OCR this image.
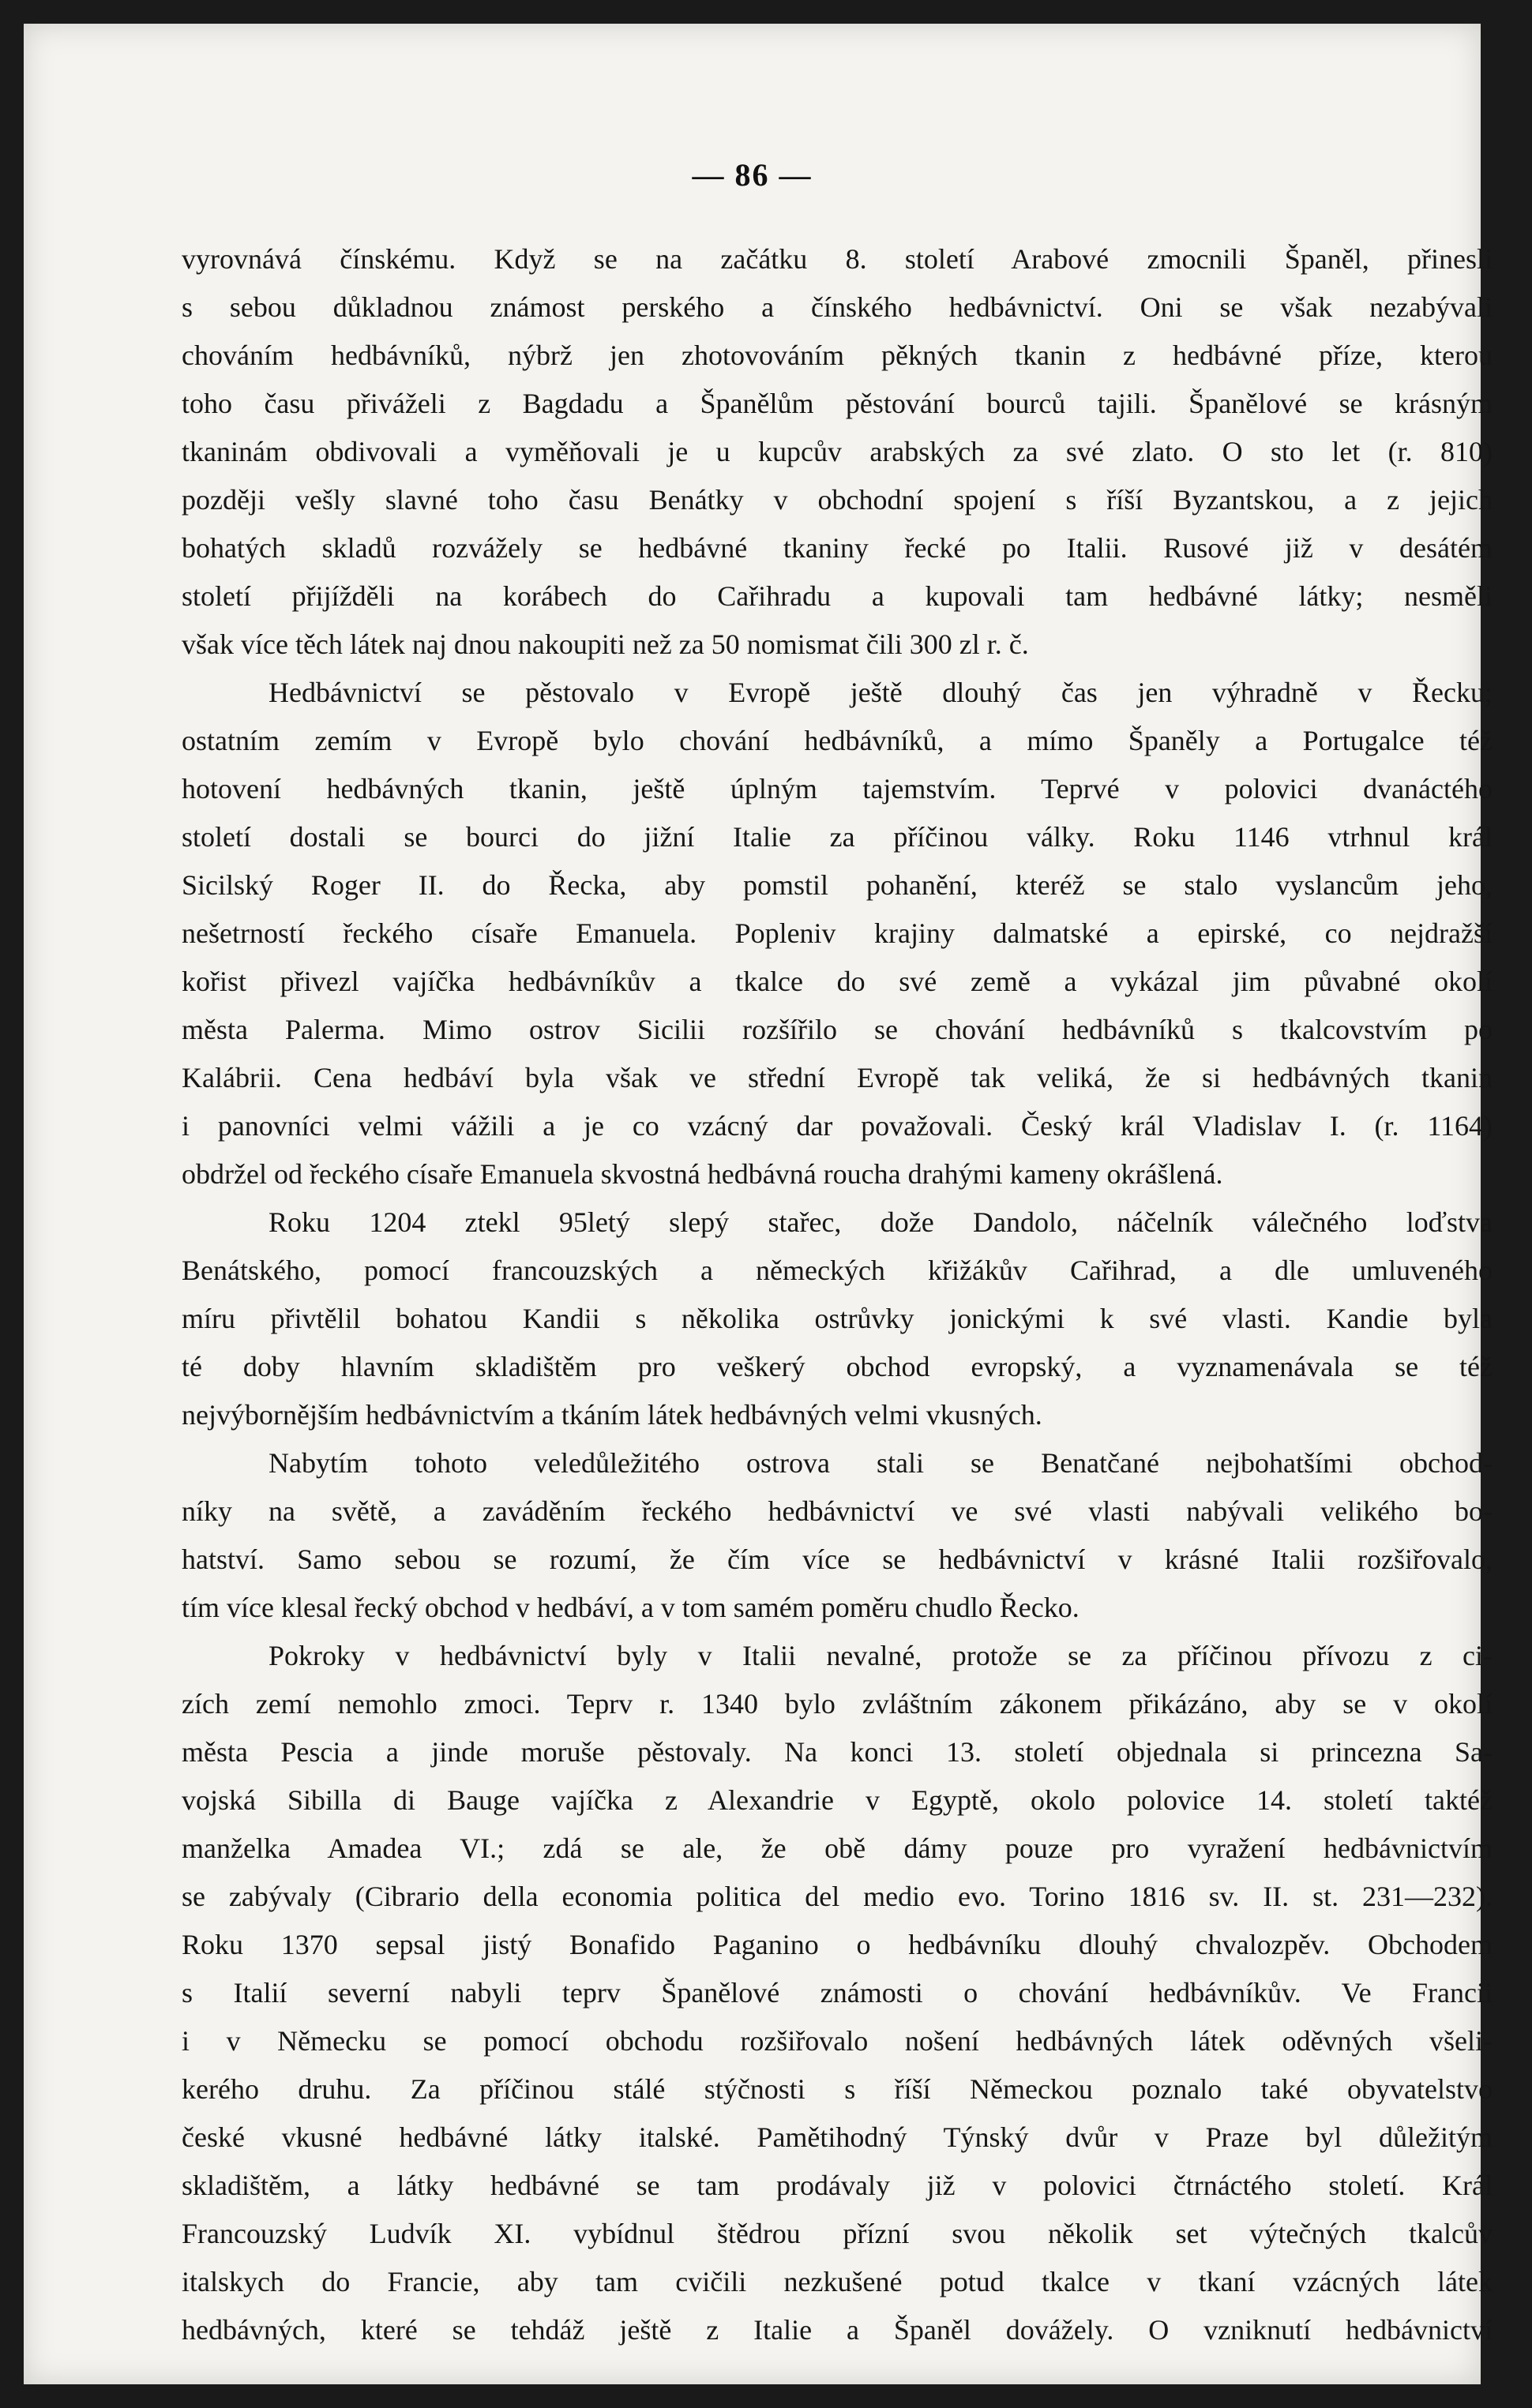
— 86 —
vyrovnává čínskému. Když se na začátku 8. století Arabové zmocnili Španěl, přinesli
s sebou důkladnou známost perského a čínského hedbávnictví. Oni se však nezabývali
chováním hedbávníků, nýbrž jen zhotovováním pěkných tkanin z hedbávné příze, kterou
toho času přiváželi z Bagdadu a Španělům pěstování bourců tajili. Španělové se krásným
tkaninám obdivovali a vyměňovali je u kupcův arabských za své zlato. O sto let (r. 810)
později vešly slavné toho času Benátky v obchodní spojení s říší Byzantskou, a z jejich
bohatých skladů rozvážely se hedbávné tkaniny řecké po Italii. Rusové již v desátém
století přijížděli na korábech do Cařihradu a kupovali tam hedbávné látky; nesměli
však více těch látek naj dnou nakoupiti než za 50 nomismat čili 300 zl r. č.
Hedbávnictví se pěstovalo v Evropě ještě dlouhý čas jen výhradně v Řecku;
ostatním zemím v Evropě bylo chování hedbávníků, a mímo Španěly a Portugalce též
hotovení hedbávných tkanin, ještě úplným tajemstvím. Teprvé v polovici dvanáctého
století dostali se bourci do jižní Italie za příčinou války. Roku 1146 vtrhnul král
Sicilský Roger II. do Řecka, aby pomstil pohanění, kteréž se stalo vyslancům jeho,
nešetrností řeckého císaře Emanuela. Popleniv krajiny dalmatské a epirské, co nejdražší
kořist přivezl vajíčka hedbávníkův a tkalce do své země a vykázal jim půvabné okolí
města Palerma. Mimo ostrov Sicilii rozšířilo se chování hedbávníků s tkalcovstvím po
Kalábrii. Cena hedbáví byla však ve střední Evropě tak veliká, že si hedbávných tkanin
i panovníci velmi vážili a je co vzácný dar považovali. Český král Vladislav I. (r. 1164)
obdržel od řeckého císaře Emanuela skvostná hedbávná roucha drahými kameny okrášlená.
Roku 1204 ztekl 95letý slepý stařec, dože Dandolo, náčelník válečného loďstva
Benátského, pomocí francouzských a německých křižákův Cařihrad, a dle umluveného
míru přivtělil bohatou Kandii s několika ostrůvky jonickými k své vlasti. Kandie byla
té doby hlavním skladištěm pro veškerý obchod evropský, a vyznamenávala se též
nejvýbornějším hedbávnictvím a tkáním látek hedbávných velmi vkusných.
Nabytím tohoto veledůležitého ostrova stali se Benatčané nejbohatšími obchod-
níky na světě, a zaváděním řeckého hedbávnictví ve své vlasti nabývali velikého bo-
hatství. Samo sebou se rozumí, že čím více se hedbávnictví v krásné Italii rozšiřovalo,
tím více klesal řecký obchod v hedbáví, a v tom samém poměru chudlo Řecko.
Pokroky v hedbávnictví byly v Italii nevalné, protože se za příčinou přívozu z ci-
zích zemí nemohlo zmoci. Teprv r. 1340 bylo zvláštním zákonem přikázáno, aby se v okolí
města Pescia a jinde moruše pěstovaly. Na konci 13. století objednala si princezna Sa-
vojská Sibilla di Bauge vajíčka z Alexandrie v Egyptě, okolo polovice 14. století taktéž
manželka Amadea VI.; zdá se ale, že obě dámy pouze pro vyražení hedbávnictvím
se zabývaly (Cibrario della economia politica del medio evo. Torino 1816 sv. II. st. 231—232).
Roku 1370 sepsal jistý Bonafido Paganino o hedbávníku dlouhý chvalozpěv. Obchodem
s Italií severní nabyli teprv Španělové známosti o chování hedbávníkův. Ve Francii
i v Německu se pomocí obchodu rozšiřovalo nošení hedbávných látek oděvných všeli-
kerého druhu. Za příčinou stálé stýčnosti s říší Německou poznalo také obyvatelstvo
české vkusné hedbávné látky italské. Pamětihodný Týnský dvůr v Praze byl důležitým
skladištěm, a látky hedbávné se tam prodávaly již v polovici čtrnáctého století. Král
Francouzský Ludvík XI. vybídnul štědrou přízní svou několik set výtečných tkalcův
italskych do Francie, aby tam cvičili nezkušené potud tkalce v tkaní vzácných látek
hedbávných, které se tehdáž ještě z Italie a Španěl dovážely. O vzniknutí hedbávnictví
